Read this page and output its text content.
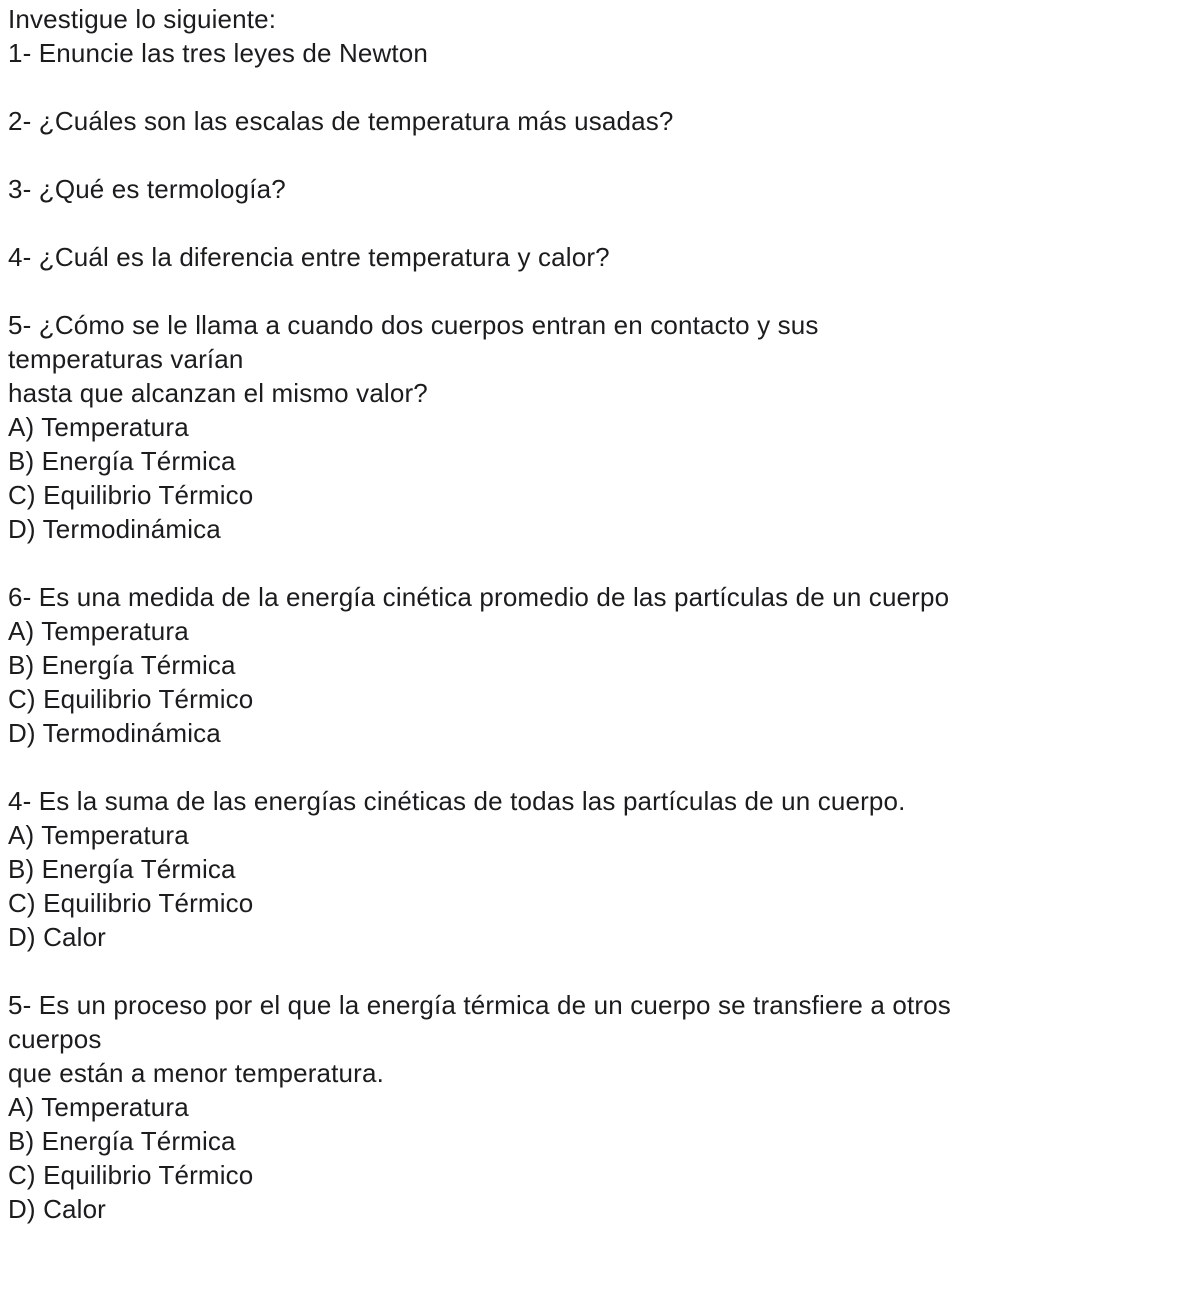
Investigue lo siguiente:
1- Enuncie las tres leyes de Newton
2- ¿Cuáles son las escalas de temperatura más usadas?
3- ¿Qué es termología?
4- ¿Cuál es la diferencia entre temperatura y calor?
5- ¿Cómo se le llama a cuando dos cuerpos entran en contacto y sus
temperaturas varían
hasta que alcanzan el mismo valor?
A) Temperatura
B) Energía Térmica
C) Equilibrio Térmico
D) Termodinámica
6- Es una medida de la energía cinética promedio de las partículas de un cuerpo
A) Temperatura
B) Energía Térmica
C) Equilibrio Térmico
D) Termodinámica
4- Es la suma de las energías cinéticas de todas las partículas de un cuerpo.
A) Temperatura
B) Energía Térmica
C) Equilibrio Térmico
D) Calor
5- Es un proceso por el que la energía térmica de un cuerpo se transfiere a otros
cuerpos
que están a menor temperatura.
A) Temperatura
B) Energía Térmica
C) Equilibrio Térmico
D) Calor
